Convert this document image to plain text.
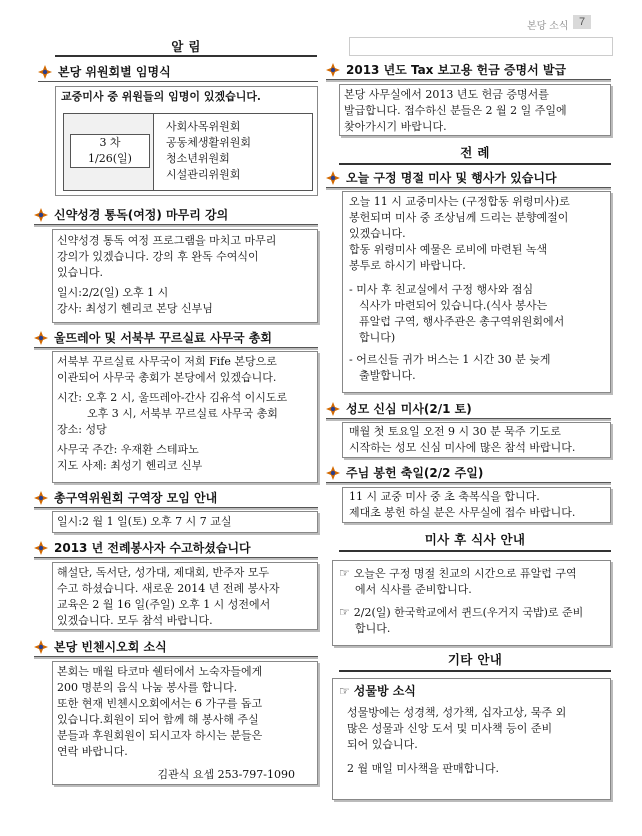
본당 소식 7
알 림
본당 위원회별 임명식
교중미사 중 위원들의 임명이 있겠습니다.
3 차
1/26(일)

사회사목위원회

공동체생활위원회

청소년위원회

시설관리위원회

신약성경 통독(여정) 마무리 강의

신약성경 통독 여정 프로그램을 마치고 마무리

강의가 있겠습니다. 강의 후 완독 수여식이

있습니다.

일시:2/2(일) 오후 1 시

강사: 최성기 헨리코 본당 신부님

울뜨레아 및 서북부 꾸르실료 사무국 총회

서북부 꾸르실료 사무국이 저희 Fife 본당으로

이관되어 사무국 총회가 본당에서 있겠습니다.

시간: 오후 2 시, 울뜨레아-간사 김유석 이시도로

오후 3 시, 서북부 꾸르실료 사무국 총회

장소: 성당

사무국 주간: 우재환 스테파노

지도 사제: 최성기 헨리코 신부

총구역위원회 구역장 모임 안내

일시:2 월 1 일(토) 오후 7 시 7 교실

2013 년 전례봉사자 수고하셨습니다

해설단, 독서단, 성가대, 제대회, 반주자 모두

수고 하셨습니다. 새로운 2014 년 전례 봉사자

교육은 2 월 16 일(주일) 오후 1 시 성전에서

있겠습니다. 모두 참석 바랍니다.

본당 빈첸시오회 소식

본회는 매월 타코마 쉘터에서 노숙자들에게

200 명분의 음식 나눔 봉사를 합니다.

또한 현재 빈첸시오회에서는 6 가구를 돕고

있습니다.회원이 되어 함께 해 봉사해 주실

분들과 후원회원이 되시고자 하시는 분들은

연락 바랍니다.

김관식 요셉 253-797-1090

2013 년도 Tax 보고용 헌금 증명서 발급

본당 사무실에서 2013 년도 헌금 증명서를

발급합니다. 접수하신 분들은 2 월 2 일 주일에

찾아가시기 바랍니다.

전 례
오늘 구정 명절 미사 및 행사가 있습니다

오늘 11 시 교중미사는 (구정합동 위령미사)로

봉헌되며 미사 중 조상님께 드리는 분향예절이

있겠습니다.

합동 위령미사 예물은 로비에 마련된 녹색

봉투로 하시기 바랍니다.

- 미사 후 친교실에서 구정 행사와 점심

식사가 마련되어 있습니다.(식사 봉사는

퓨알럽 구역, 행사주관은 총구역위원회에서

합니다)

- 어르신들 귀가 버스는 1 시간 30 분 늦게

출발합니다.

성모 신심 미사(2/1 토)

매월 첫 토요일 오전 9 시 30 분 묵주 기도로

시작하는 성모 신심 미사에 많은 참석 바랍니다.

주님 봉헌 축일(2/2 주일)

11 시 교중 미사 중 초 축복식을 합니다.

제대초 봉헌 하실 분은 사무실에 접수 바랍니다.

미사 후 식사 안내

☞ 오늘은 구정 명절 친교의 시간으로 퓨알럽 구역

에서 식사를 준비합니다.

☞ 2/2(일) 한국학교에서 퀸드(우거지 국밥)로 준비

합니다.

기타 안내

☞ 성물방 소식

성물방에는 성경책, 성가책, 십자고상, 묵주 외

많은 성물과 신앙 도서 및 미사책 등이 준비

되어 있습니다.

2 월 매일 미사책을 판매합니다.
